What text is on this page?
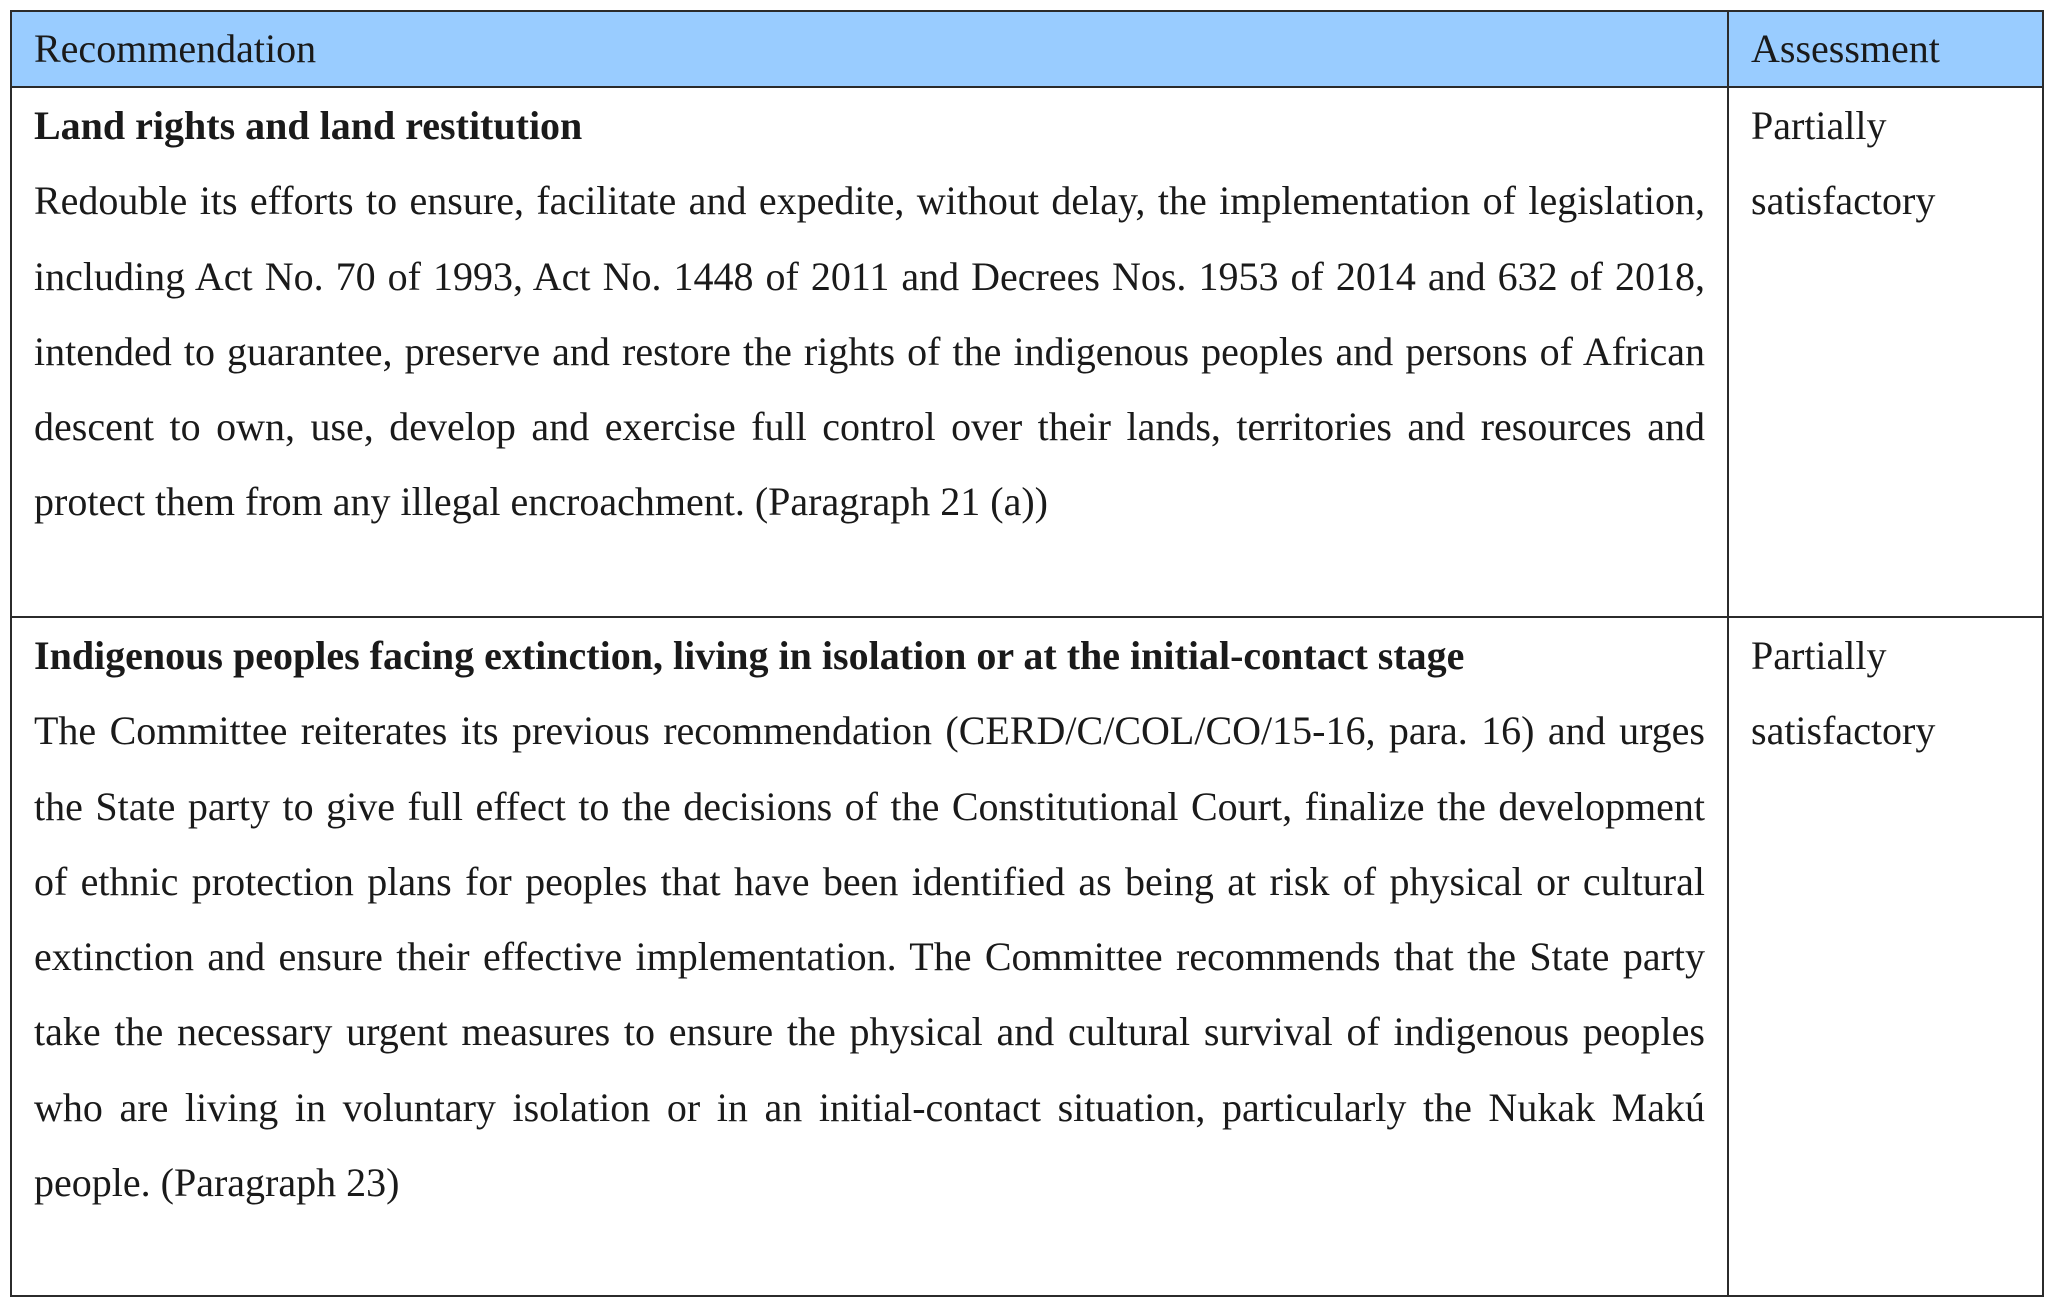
Recommendation	Assessment

Land rights and land restitution
Redouble its efforts to ensure, facilitate and expedite, without delay, the implementation of legislation, including Act No. 70 of 1993, Act No. 1448 of 2011 and Decrees Nos. 1953 of 2014 and 632 of 2018, intended to guarantee, preserve and restore the rights of the indigenous peoples and persons of African descent to own, use, develop and exercise full control over their lands, territories and resources and protect them from any illegal encroachment. (Paragraph 21 (a))	Partially satisfactory

Indigenous peoples facing extinction, living in isolation or at the initial-contact stage
The Committee reiterates its previous recommendation (CERD/C/COL/CO/15-16, para. 16) and urges the State party to give full effect to the decisions of the Constitutional Court, finalize the development of ethnic protection plans for peoples that have been identified as being at risk of physical or cultural extinction and ensure their effective implementation. The Committee recommends that the State party take the necessary urgent measures to ensure the physical and cultural survival of indigenous peoples who are living in voluntary isolation or in an initial-contact situation, particularly the Nukak Makú people. (Paragraph 23)	Partially satisfactory
